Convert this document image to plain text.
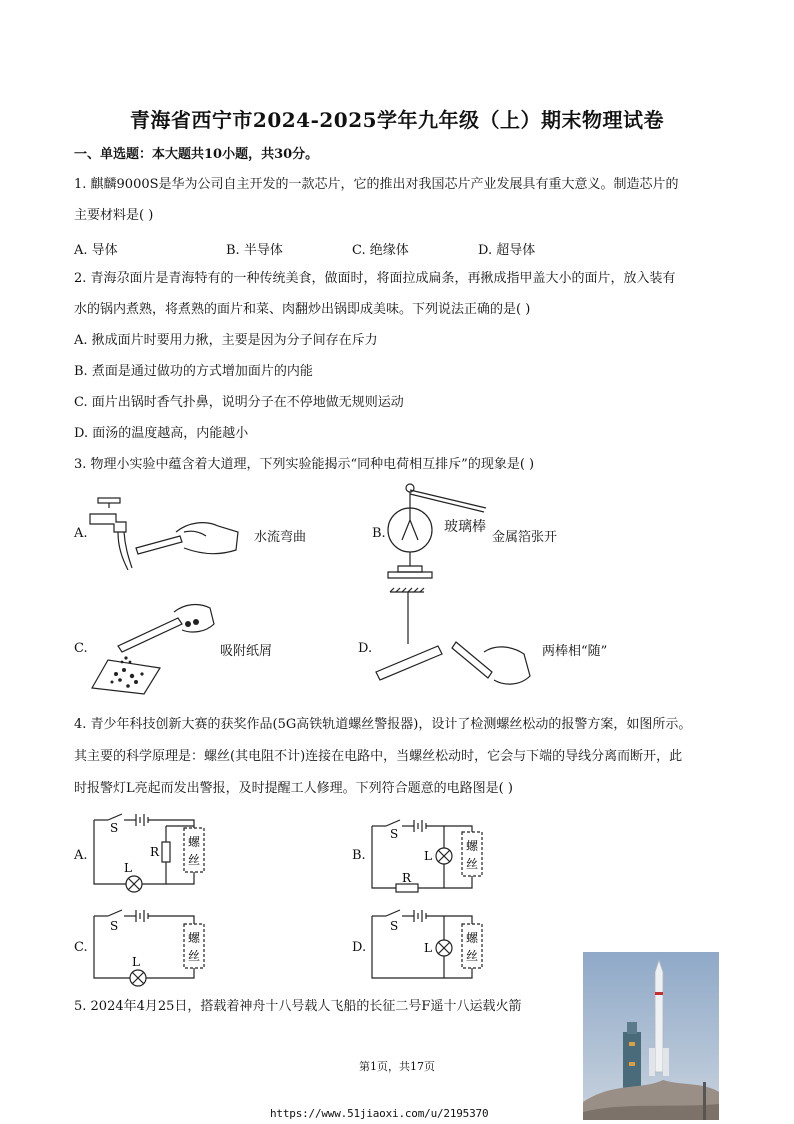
青海省西宁市2024-2025学年九年级（上）期末物理试卷
一、单选题：本大题共10小题，共30分。
1. 麒麟9000S是华为公司自主开发的一款芯片，它的推出对我国芯片产业发展具有重大意义。制造芯片的
主要材料是( )
A. 导体	B. 半导体	C. 绝缘体	D. 超导体
2. 青海尕面片是青海特有的一种传统美食，做面时，将面拉成扁条，再揪成指甲盖大小的面片，放入装有
水的锅内煮熟，将煮熟的面片和菜、肉翻炒出锅即成美味。下列说法正确的是( )
A. 揪成面片时要用力揪，主要是因为分子间存在斥力
B. 煮面是通过做功的方式增加面片的内能
C. 面片出锅时香气扑鼻，说明分子在不停地做无规则运动
D. 面汤的温度越高，内能越小
3. 物理小实验中蕴含着大道理，下列实验能揭示“同种电荷相互排斥”的现象是( )
A.	水流弯曲	B.	玻璃棒
金属箔张开
C.	吸附纸屑	D.	两棒相“随”
4. 青少年科技创新大赛的获奖作品(5G高铁轨道螺丝警报器)，设计了检测螺丝松动的报警方案，如图所示。
其主要的科学原理是：螺丝(其电阻不计)连接在电路中，当螺丝松动时，它会与下端的导线分离而断开，此
时报警灯L亮起而发出警报，及时提醒工人修理。下列符合题意的电路图是( )
A.
S
R
L
螺
丝	B.
S
R
L
螺
丝
C.
S
L
螺
丝
D.
S
L
螺
丝
5. 2024年4月25日，搭载着神舟十八号载人飞船的长征二号F遥十八运载火箭
第1页，共17页
https://www.51jiaoxi.com/u/2195370
